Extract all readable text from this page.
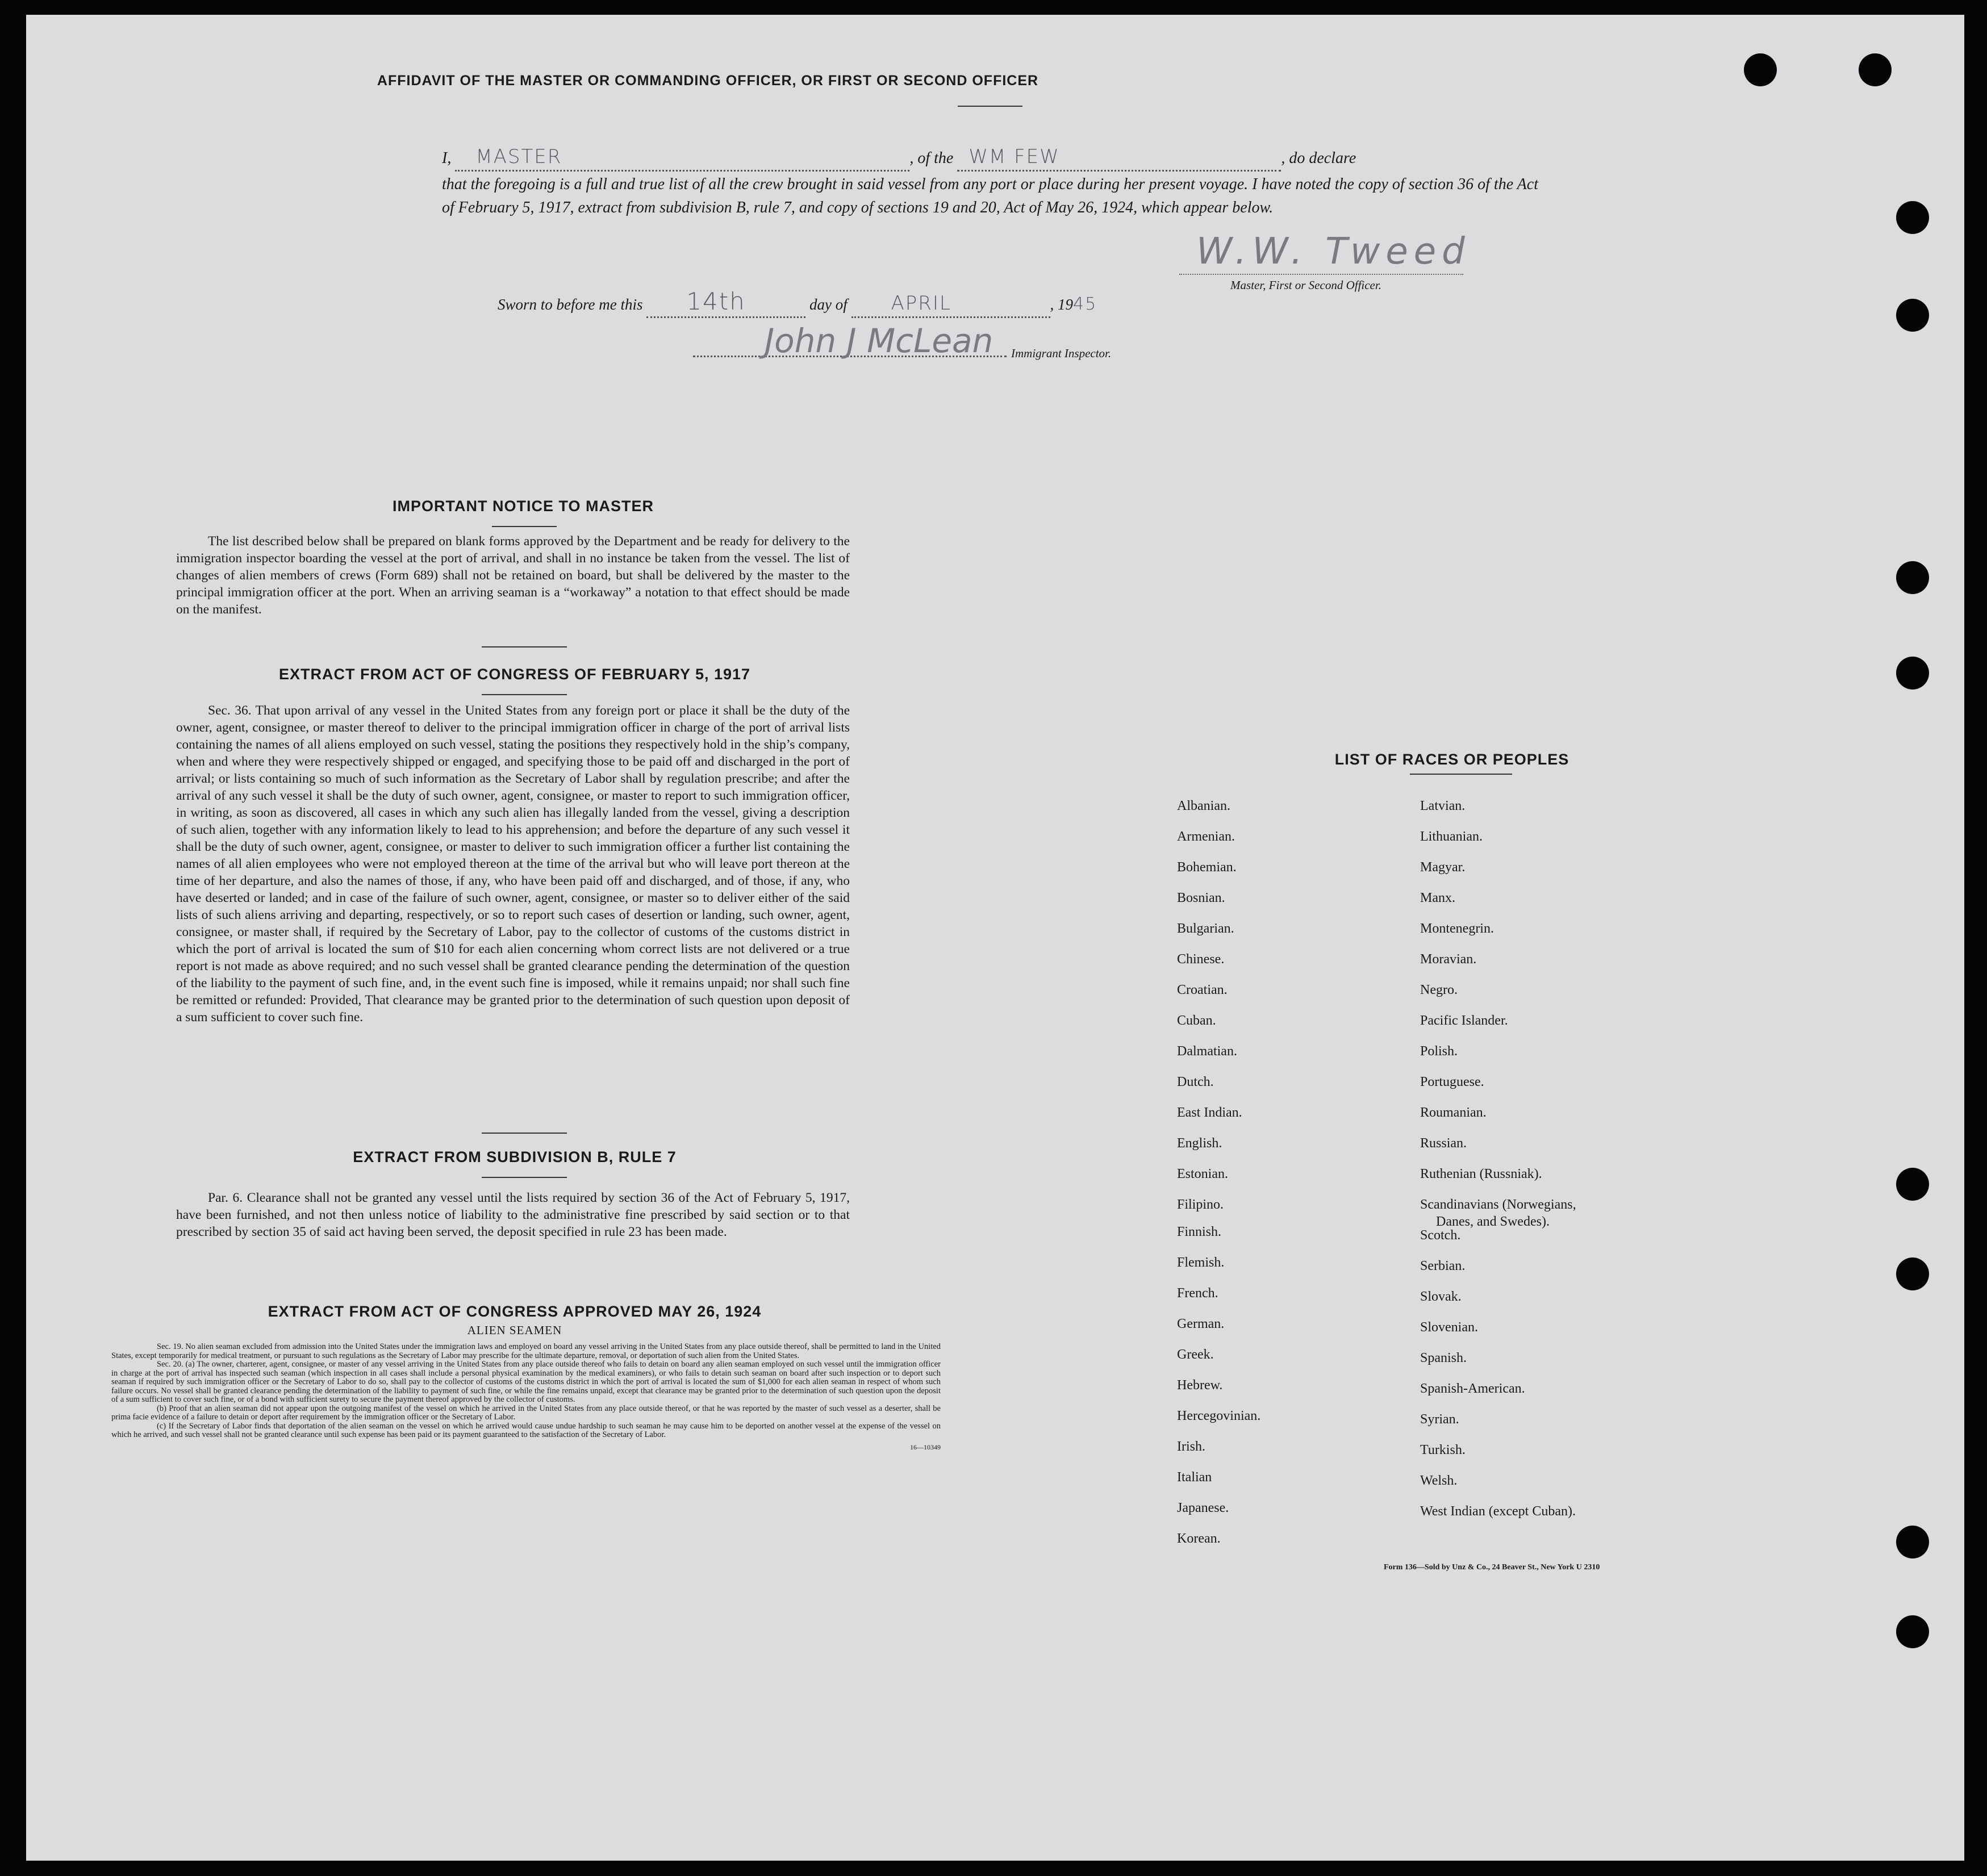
AFFIDAVIT OF THE MASTER OR COMMANDING OFFICER, OR FIRST OR SECOND OFFICER
I, MASTER	, of the WM FEW	, do declare
that the foregoing is a full and true list of all the crew brought in said vessel from any port or place during her present voyage. I have noted the copy of section 36 of the Act of February 5, 1917, extract from subdivision B, rule 7, and copy of sections 19 and 20, Act of May 26, 1924, which appear below.
W.W. Tweed
Master, First or Second Officer.
Sworn to before me this 14th	day of APRIL	, 1945
John J McLean Immigrant Inspector.
IMPORTANT NOTICE TO MASTER
The list described below shall be prepared on blank forms approved by the Department and be ready for delivery to the immigration inspector boarding the vessel at the port of arrival, and shall in no instance be taken from the vessel. The list of changes of alien members of crews (Form 689) shall not be retained on board, but shall be delivered by the master to the principal immigration officer at the port. When an arriving seaman is a “workaway” a notation to that effect should be made on the manifest.
EXTRACT FROM ACT OF CONGRESS OF FEBRUARY 5, 1917
Sec. 36. That upon arrival of any vessel in the United States from any foreign port or place it shall be the duty of the owner, agent, consignee, or master thereof to deliver to the principal immigration officer in charge of the port of arrival lists containing the names of all aliens employed on such vessel, stating the positions they respectively hold in the ship’s company, when and where they were respectively shipped or engaged, and specifying those to be paid off and discharged in the port of arrival; or lists containing so much of such information as the Secretary of Labor shall by regulation prescribe; and after the arrival of any such vessel it shall be the duty of such owner, agent, consignee, or master to report to such immigration officer, in writing, as soon as discovered, all cases in which any such alien has illegally landed from the vessel, giving a description of such alien, together with any information likely to lead to his apprehension; and before the departure of any such vessel it shall be the duty of such owner, agent, consignee, or master to deliver to such immigration officer a further list containing the names of all alien employees who were not employed thereon at the time of the arrival but who will leave port thereon at the time of her departure, and also the names of those, if any, who have been paid off and discharged, and of those, if any, who have deserted or landed; and in case of the failure of such owner, agent, consignee, or master so to deliver either of the said lists of such aliens arriving and departing, respectively, or so to report such cases of desertion or landing, such owner, agent, consignee, or master shall, if required by the Secretary of Labor, pay to the collector of customs of the customs district in which the port of arrival is located the sum of $10 for each alien concerning whom correct lists are not delivered or a true report is not made as above required; and no such vessel shall be granted clearance pending the determination of the question of the liability to the payment of such fine, and, in the event such fine is imposed, while it remains unpaid; nor shall such fine be remitted or refunded: Provided, That clearance may be granted prior to the determination of such question upon deposit of a sum sufficient to cover such fine.
EXTRACT FROM SUBDIVISION B, RULE 7
Par. 6. Clearance shall not be granted any vessel until the lists required by section 36 of the Act of February 5, 1917, have been furnished, and not then unless notice of liability to the administrative fine prescribed by said section or to that prescribed by section 35 of said act having been served, the deposit specified in rule 23 has been made.
EXTRACT FROM ACT OF CONGRESS APPROVED MAY 26, 1924
ALIEN SEAMEN
Sec. 19. No alien seaman excluded from admission into the United States under the immigration laws and employed on board any vessel arriving in the United States from any place outside thereof, shall be permitted to land in the United States, except temporarily for medical treatment, or pursuant to such regulations as the Secretary of Labor may prescribe for the ultimate departure, removal, or deportation of such alien from the United States.
Sec. 20. (a) The owner, charterer, agent, consignee, or master of any vessel arriving in the United States from any place outside thereof who fails to detain on board any alien seaman employed on such vessel until the immigration officer in charge at the port of arrival has inspected such seaman (which inspection in all cases shall include a personal physical examination by the medical examiners), or who fails to detain such seaman on board after such inspection or to deport such seaman if required by such immigration officer or the Secretary of Labor to do so, shall pay to the collector of customs of the customs district in which the port of arrival is located the sum of $1,000 for each alien seaman in respect of whom such failure occurs. No vessel shall be granted clearance pending the determination of the liability to payment of such fine, or while the fine remains unpaid, except that clearance may be granted prior to the determination of such question upon the deposit of a sum sufficient to cover such fine, or of a bond with sufficient surety to secure the payment thereof approved by the collector of customs.
(b) Proof that an alien seaman did not appear upon the outgoing manifest of the vessel on which he arrived in the United States from any place outside thereof, or that he was reported by the master of such vessel as a deserter, shall be prima facie evidence of a failure to detain or deport after requirement by the immigration officer or the Secretary of Labor.
(c) If the Secretary of Labor finds that deportation of the alien seaman on the vessel on which he arrived would cause undue hardship to such seaman he may cause him to be deported on another vessel at the expense of the vessel on which he arrived, and such vessel shall not be granted clearance until such expense has been paid or its payment guaranteed to the satisfaction of the Secretary of Labor.
16—10349
LIST OF RACES OR PEOPLES
Albanian.
Armenian.
Bohemian.
Bosnian.
Bulgarian.
Chinese.
Croatian.
Cuban.
Dalmatian.
Dutch.
East Indian.
English.
Estonian.
Filipino.
Finnish.
Flemish.
French.
German.
Greek.
Hebrew.
Hercegovinian.
Irish.
Italian
Japanese.
Korean.
Latvian.
Lithuanian.
Magyar.
Manx.
Montenegrin.
Moravian.
Negro.
Pacific Islander.
Polish.
Portuguese.
Roumanian.
Russian.
Ruthenian (Russniak).
Scandinavians (Norwegians,
Danes, and Swedes).
Scotch.
Serbian.
Slovak.
Slovenian.
Spanish.
Spanish-American.
Syrian.
Turkish.
Welsh.
West Indian (except Cuban).
Form 136—Sold by Unz & Co., 24 Beaver St., New York U 2310
